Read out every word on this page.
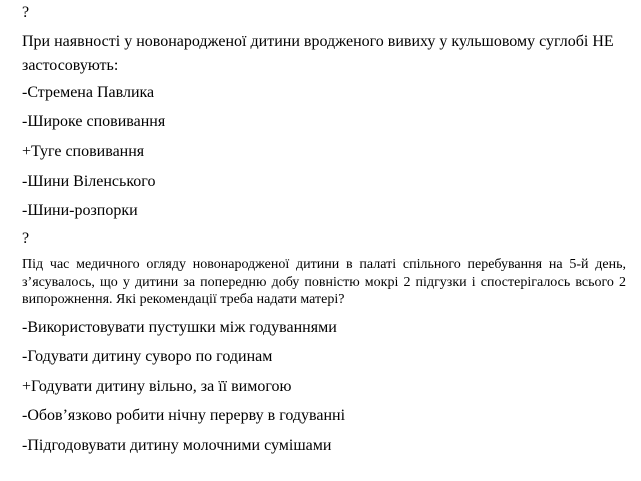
?
При наявності у новонародженої дитини вродженого вивиху у кульшовому суглобі НЕ застосовують:
-Стремена Павлика
-Широке сповивання
+Туге сповивання
-Шини Віленського
-Шини-розпорки
?
Під час медичного огляду новонародженої дитини в палаті спільного перебування на 5-й день, з’ясувалось, що у дитини за попередню добу повністю мокрі 2 підгузки і спостерігалось всього 2 випорожнення. Які рекомендації треба надати матері?
-Використовувати пустушки між годуваннями
-Годувати дитину суворо по годинам
+Годувати дитину вільно, за її вимогою
-Обов’язково робити нічну перерву в годуванні
-Підгодовувати дитину молочними сумішами
